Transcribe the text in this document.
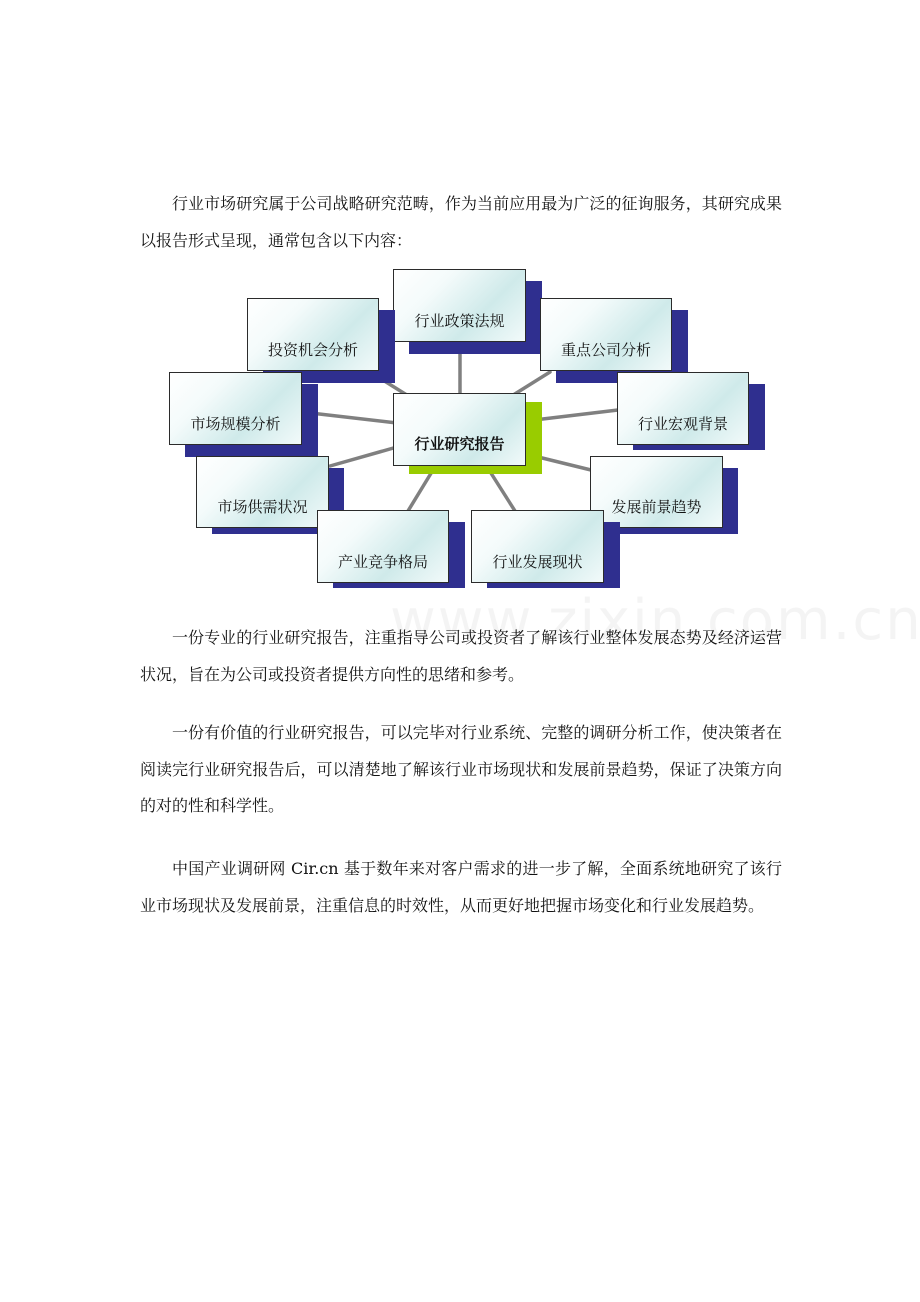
行业市场研究属于公司战略研究范畴，作为当前应用最为广泛的征询服务，其研究成果以报告形式呈现，通常包含以下内容：

行业政策法规
投资机会分析	重点公司分析
市场规模分析	行业宏观背景
市场供需状况	发展前景趋势
产业竞争格局	行业发展现状
行业研究报告

一份专业的行业研究报告，注重指导公司或投资者了解该行业整体发展态势及经济运营状况，旨在为公司或投资者提供方向性的思绪和参考。

一份有价值的行业研究报告，可以完毕对行业系统、完整的调研分析工作，使决策者在阅读完行业研究报告后，可以清楚地了解该行业市场现状和发展前景趋势，保证了决策方向的对的性和科学性。

中国产业调研网 Cir.cn 基于数年来对客户需求的进一步了解，全面系统地研究了该行业市场现状及发展前景，注重信息的时效性，从而更好地把握市场变化和行业发展趋势。
